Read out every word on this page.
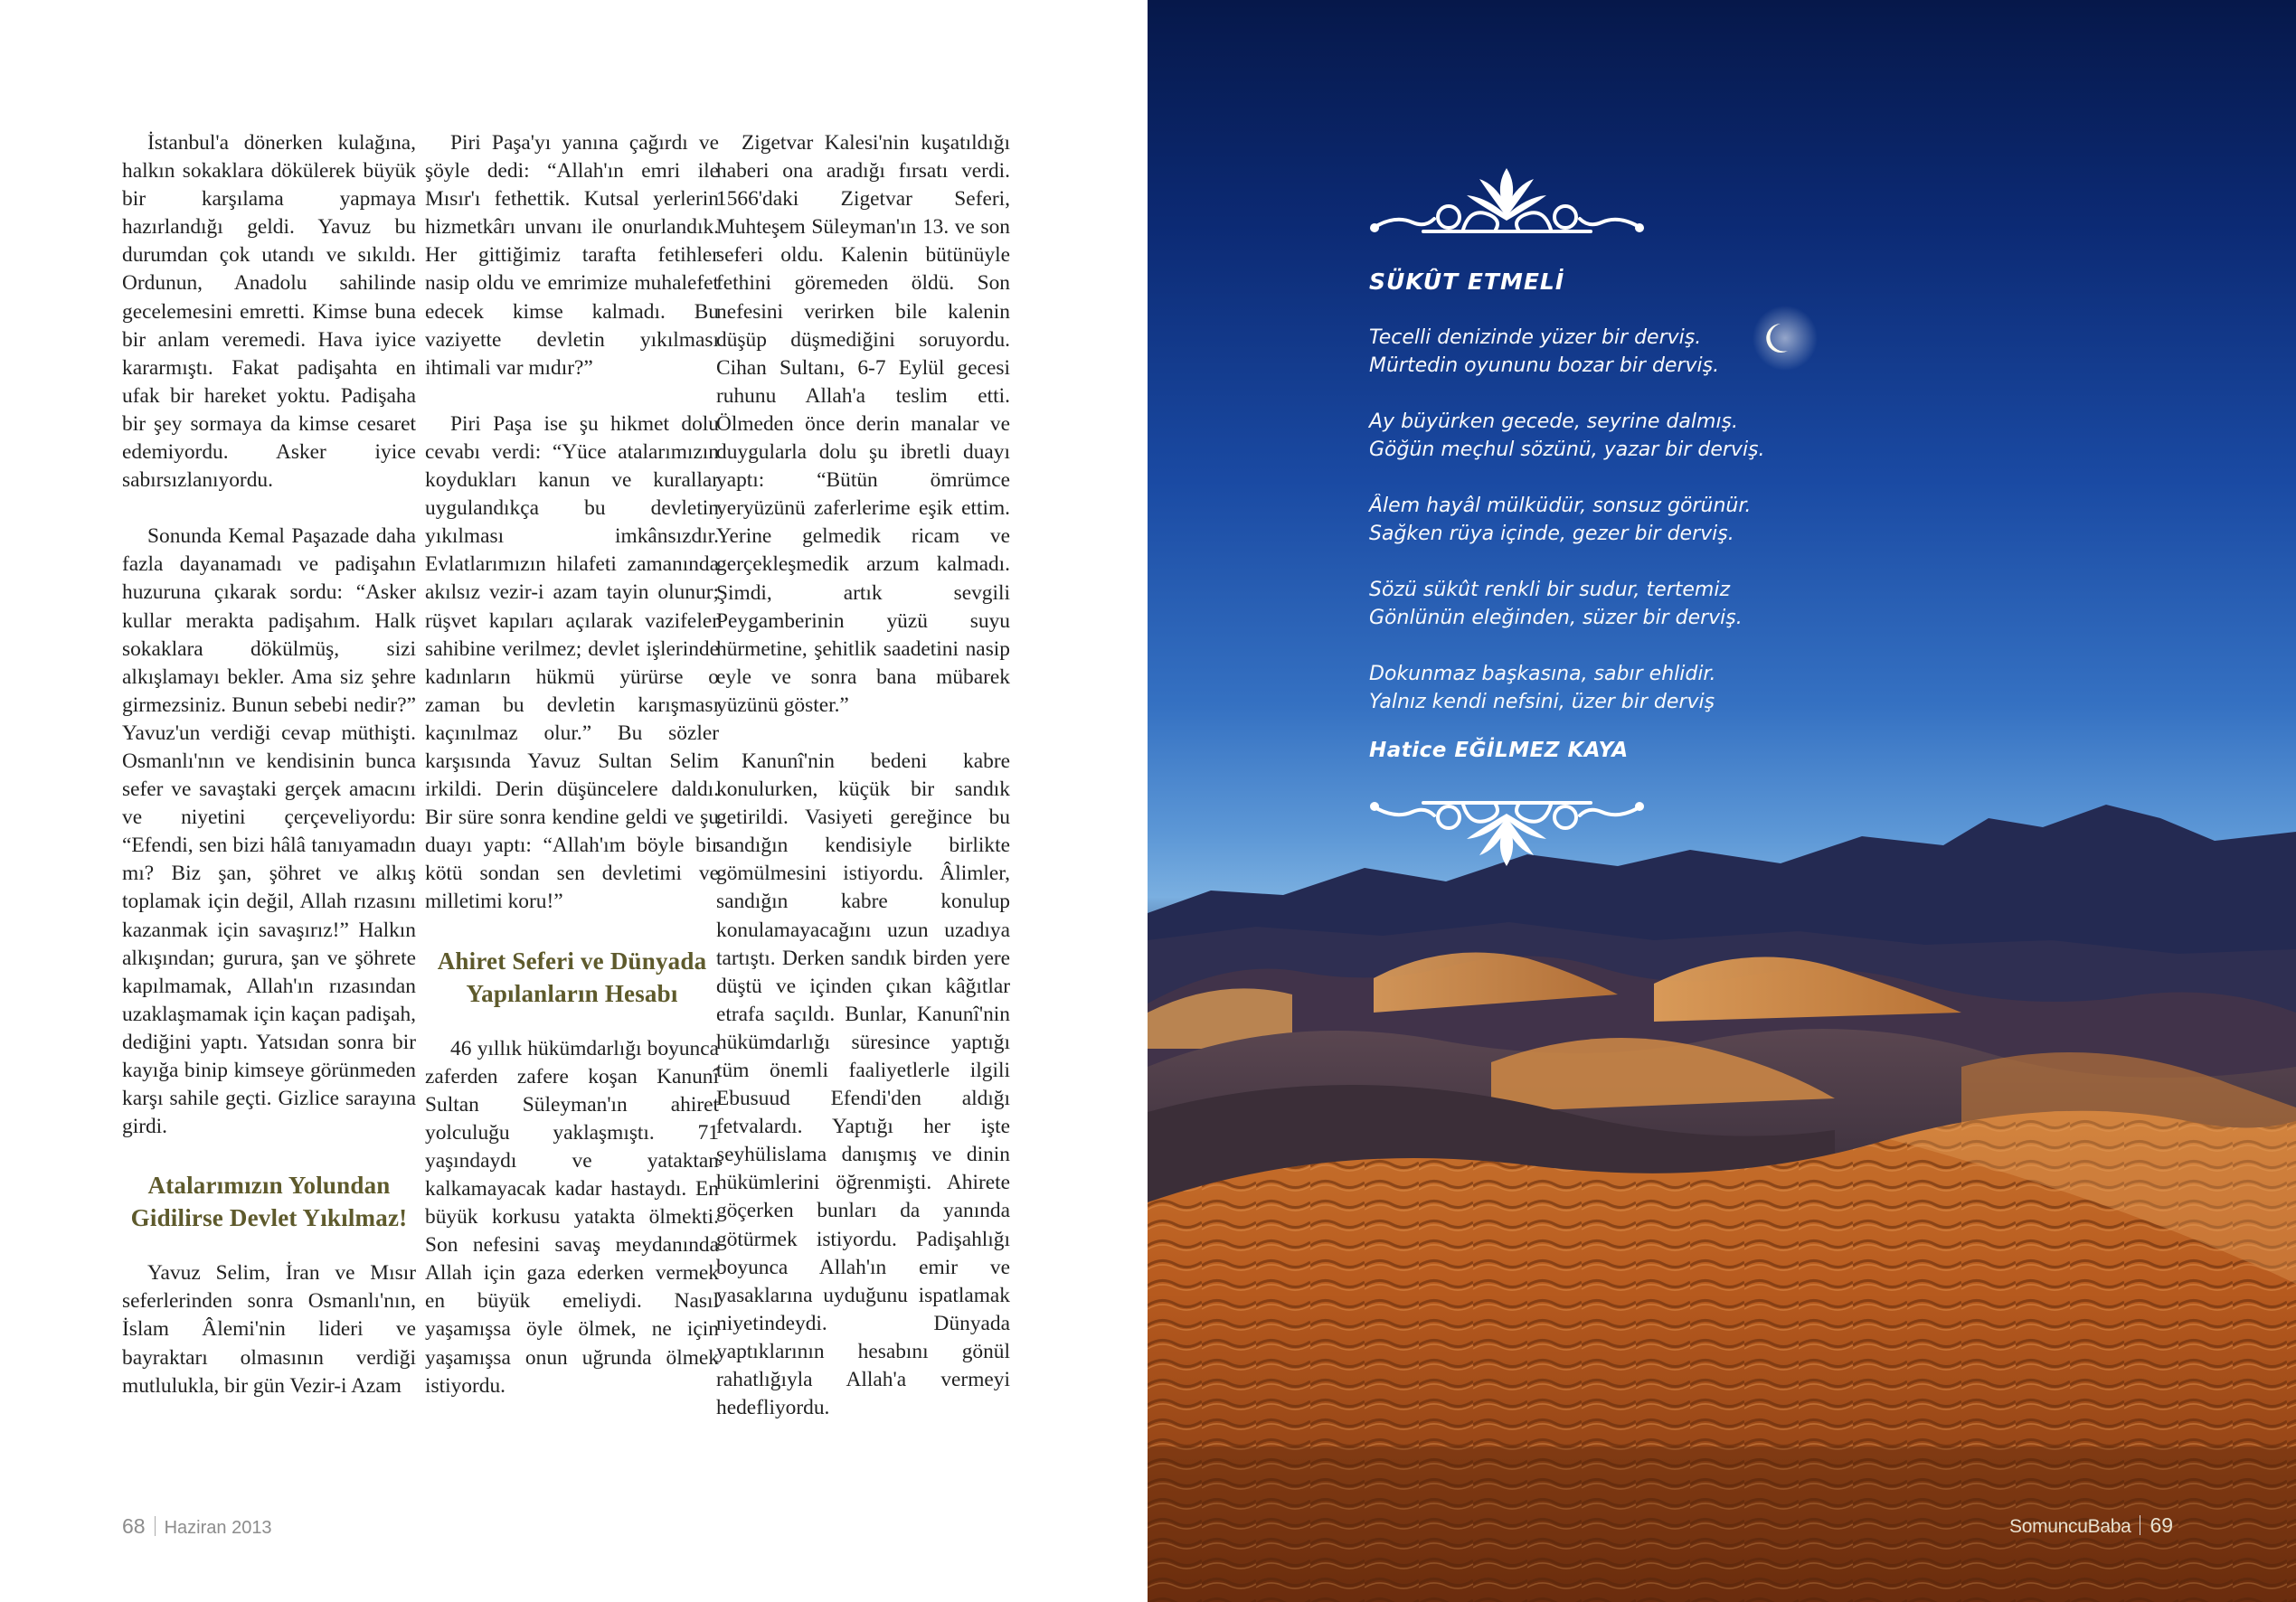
İstanbul'a dönerken kulağına, halkın sokaklara dökülerek büyük bir karşılama yapmaya hazırlandığı geldi. Yavuz bu durumdan çok utandı ve sıkıldı. Ordunun, Anadolu sahilinde gecelemesini emretti. Kimse buna bir anlam veremedi. Hava iyice kararmıştı. Fakat padişahta en ufak bir hareket yoktu. Padişaha bir şey sormaya da kimse cesaret edemiyordu. Asker iyice sabırsızlanıyordu.

Sonunda Kemal Paşazade daha fazla dayanamadı ve padişahın huzuruna çıkarak sordu: “Asker kullar merakta padişahım. Halk sokaklara dökülmüş, sizi alkışlamayı bekler. Ama siz şehre girmezsiniz. Bunun sebebi nedir?” Yavuz'un verdiği cevap müthişti. Osmanlı'nın ve kendisinin bunca sefer ve savaştaki gerçek amacını ve niyetini çerçeveliyordu: “Efendi, sen bizi hâlâ tanıyamadın mı? Biz şan, şöhret ve alkış toplamak için değil, Allah rızasını kazanmak için savaşırız!” Halkın alkışından; gurura, şan ve şöhrete kapılmamak, Allah'ın rızasından uzaklaşmamak için kaçan padişah, dediğini yaptı. Yatsıdan sonra bir kayığa binip kimseye görünmeden karşı sahile geçti. Gizlice sarayına girdi.

Atalarımızın Yolundan Gidilirse Devlet Yıkılmaz!

Yavuz Selim, İran ve Mısır seferlerinden sonra Osmanlı'nın, İslam Âlemi'nin lideri ve bayraktarı olmasının verdiği mutlulukla, bir gün Vezir-i Azam

Piri Paşa'yı yanına çağırdı ve şöyle dedi: “Allah'ın emri ile Mısır'ı fethettik. Kutsal yerlerin hizmetkârı unvanı ile onurlandık. Her gittiğimiz tarafta fetihler nasip oldu ve emrimize muhalefet edecek kimse kalmadı. Bu vaziyette devletin yıkılması ihtimali var mıdır?”

Piri Paşa ise şu hikmet dolu cevabı verdi: “Yüce atalarımızın koydukları kanun ve kurallar uygulandıkça bu devletin yıkılması imkânsızdır. Evlatlarımızın hilafeti zamanında akılsız vezir-i azam tayin olunur; rüşvet kapıları açılarak vazifeler sahibine verilmez; devlet işlerinde kadınların hükmü yürürse o zaman bu devletin karışması kaçınılmaz olur.” Bu sözler karşısında Yavuz Sultan Selim irkildi. Derin düşüncelere daldı. Bir süre sonra kendine geldi ve şu duayı yaptı: “Allah'ım böyle bir kötü sondan sen devletimi ve milletimi koru!”

Ahiret Seferi ve Dünyada Yapılanların Hesabı

46 yıllık hükümdarlığı boyunca zaferden zafere koşan Kanunî Sultan Süleyman'ın ahiret yolculuğu yaklaşmıştı. 71 yaşındaydı ve yataktan kalkamayacak kadar hastaydı. En büyük korkusu yatakta ölmekti. Son nefesini savaş meydanında Allah için gaza ederken vermek en büyük emeliydi. Nasıl yaşamışsa öyle ölmek, ne için yaşamışsa onun uğrunda ölmek istiyordu.

Zigetvar Kalesi'nin kuşatıldığı haberi ona aradığı fırsatı verdi. 1566'daki Zigetvar Seferi, Muhteşem Süleyman'ın 13. ve son seferi oldu. Kalenin bütünüyle fethini göremeden öldü. Son nefesini verirken bile kalenin düşüp düşmediğini soruyordu. Cihan Sultanı, 6-7 Eylül gecesi ruhunu Allah'a teslim etti. Ölmeden önce derin manalar ve duygularla dolu şu ibretli duayı yaptı: “Bütün ömrümce yeryüzünü zaferlerime eşik ettim. Yerine gelmedik ricam ve gerçekleşmedik arzum kalmadı. Şimdi, artık sevgili Peygamberinin yüzü suyu hürmetine, şehitlik saadetini nasip eyle ve sonra bana mübarek yüzünü göster.”

Kanunî'nin bedeni kabre konulurken, küçük bir sandık getirildi. Vasiyeti gereğince bu sandığın kendisiyle birlikte gömülmesini istiyordu. Âlimler, sandığın kabre konulup konulamayacağını uzun uzadıya tartıştı. Derken sandık birden yere düştü ve içinden çıkan kâğıtlar etrafa saçıldı. Bunlar, Kanunî'nin hükümdarlığı süresince yaptığı tüm önemli faaliyetlerle ilgili Ebusuud Efendi'den aldığı fetvalardı. Yaptığı her işte şeyhülislama danışmış ve dinin hükümlerini öğrenmişti. Ahirete göçerken bunları da yanında götürmek istiyordu. Padişahlığı boyunca Allah'ın emir ve yasaklarına uyduğunu ispatlamak niyetindeydi. Dünyada yaptıklarının hesabını gönül rahatlığıyla Allah'a vermeyi hedefliyordu.

68 Haziran 2013
SÜKÛT ETMELİ
Tecelli denizinde yüzer bir derviş.
Mürtedin oyununu bozar bir derviş.
Ay büyürken gecede, seyrine dalmış.
Göğün meçhul sözünü, yazar bir derviş.
Âlem hayâl mülküdür, sonsuz görünür.
Sağken rüya içinde, gezer bir derviş.
Sözü sükût renkli bir sudur, tertemiz
Gönlünün eleğinden, süzer bir derviş.
Dokunmaz başkasına, sabır ehlidir.
Yalnız kendi nefsini, üzer bir derviş
Hatice EĞİLMEZ KAYA
SomuncuBaba 69
